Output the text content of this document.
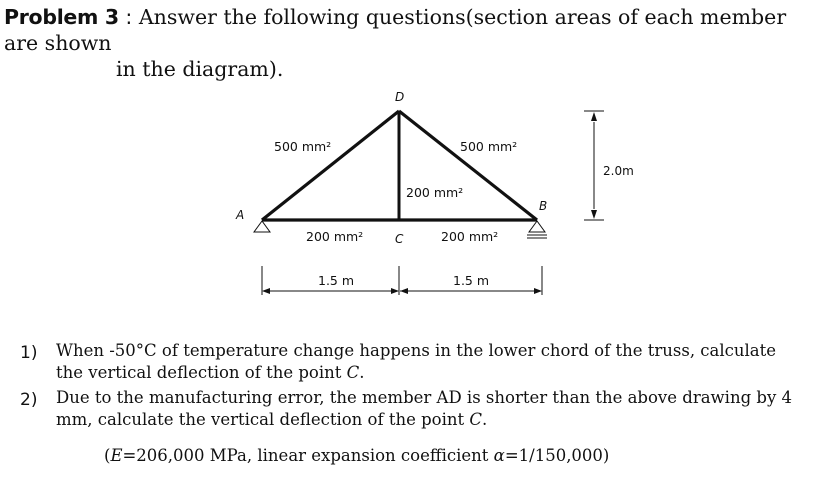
Problem 3 : Answer the following questions(section areas of each member are shown
in the diagram).
A
D
C
B
500 mm²	500 mm²
200 mm²
200 mm²	200 mm²
2.0m
1.5 m	1.5 m
1)	When -50°C of temperature change happens in the lower chord of the truss, calculate
the vertical deflection of the point C.
2)	Due to the manufacturing error, the member AD is shorter than the above drawing by 4
mm, calculate the vertical deflection of the point C.
(E=206,000 MPa, linear expansion coefficient α=1/150,000)
